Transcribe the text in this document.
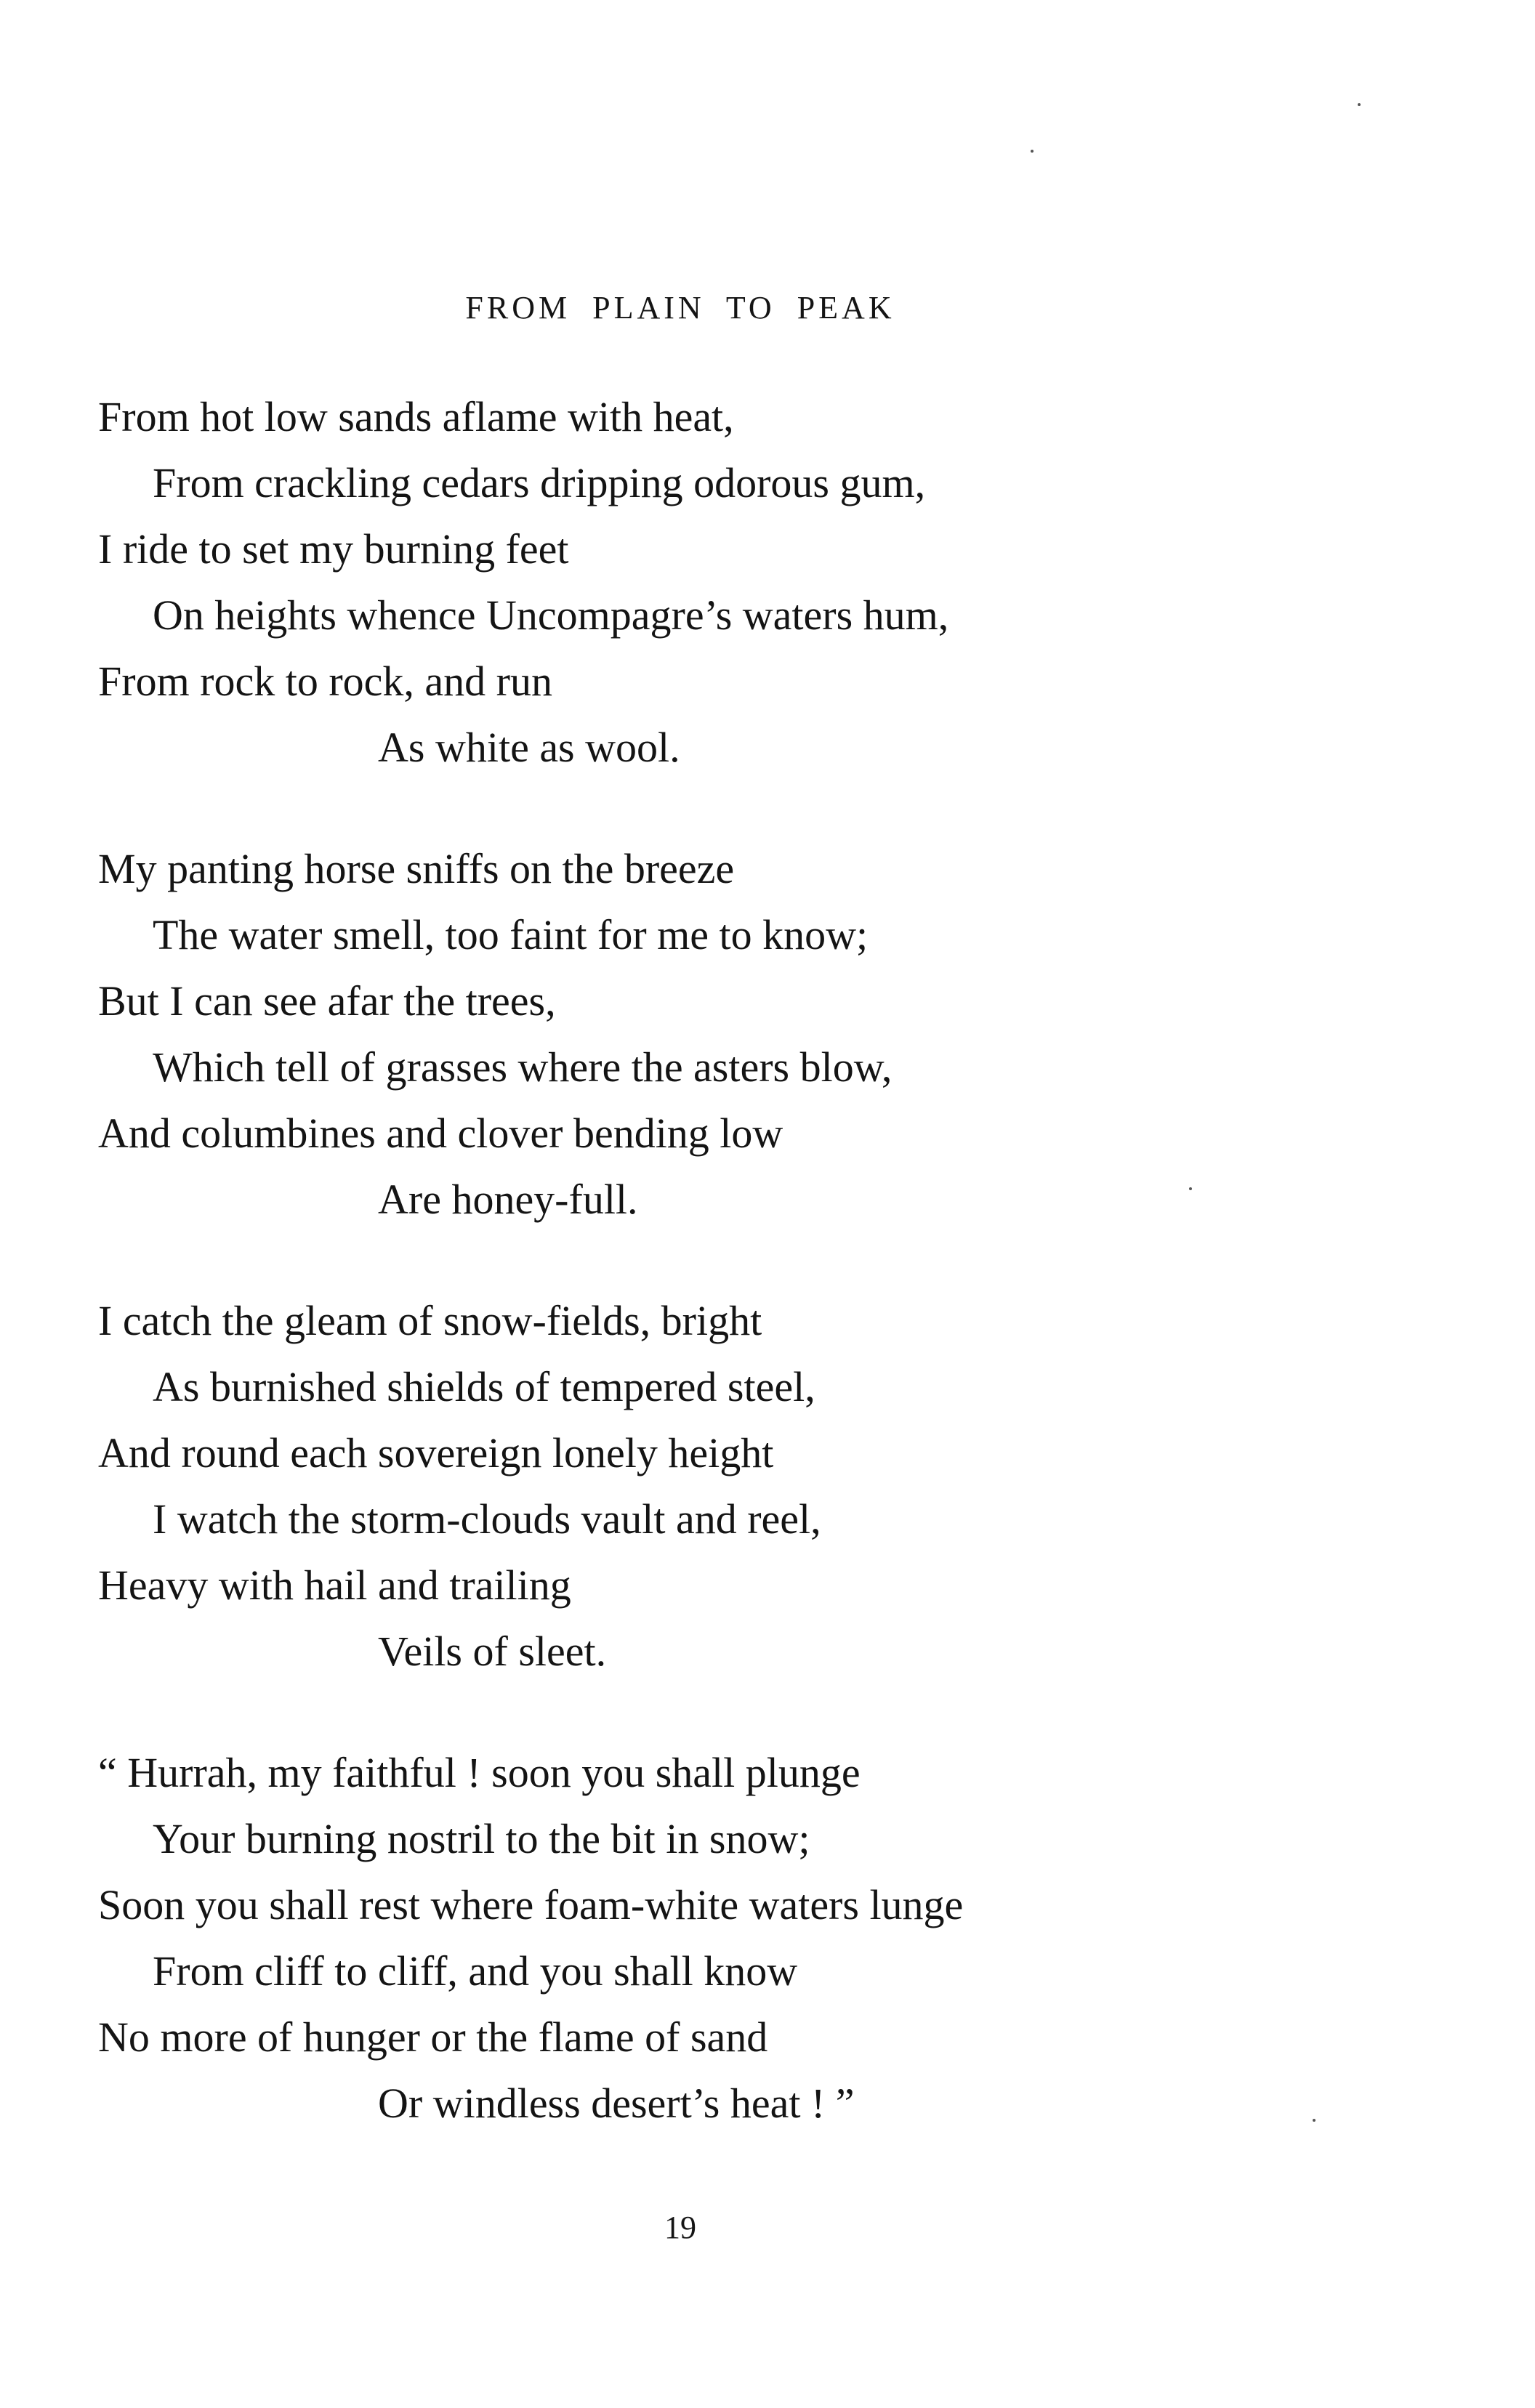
FROM PLAIN TO PEAK
From hot low sands aflame with heat,
From crackling cedars dripping odorous gum,
I ride to set my burning feet
On heights whence Uncompagre’s waters hum,
From rock to rock, and run
As white as wool.
My panting horse sniffs on the breeze
The water smell, too faint for me to know;
But I can see afar the trees,
Which tell of grasses where the asters blow,
And columbines and clover bending low
Are honey-full.
I catch the gleam of snow-fields, bright
As burnished shields of tempered steel,
And round each sovereign lonely height
I watch the storm-clouds vault and reel,
Heavy with hail and trailing
Veils of sleet.
“ Hurrah, my faithful ! soon you shall plunge
Your burning nostril to the bit in snow;
Soon you shall rest where foam-white waters lunge
From cliff to cliff, and you shall know
No more of hunger or the flame of sand
Or windless desert’s heat ! ”
19
